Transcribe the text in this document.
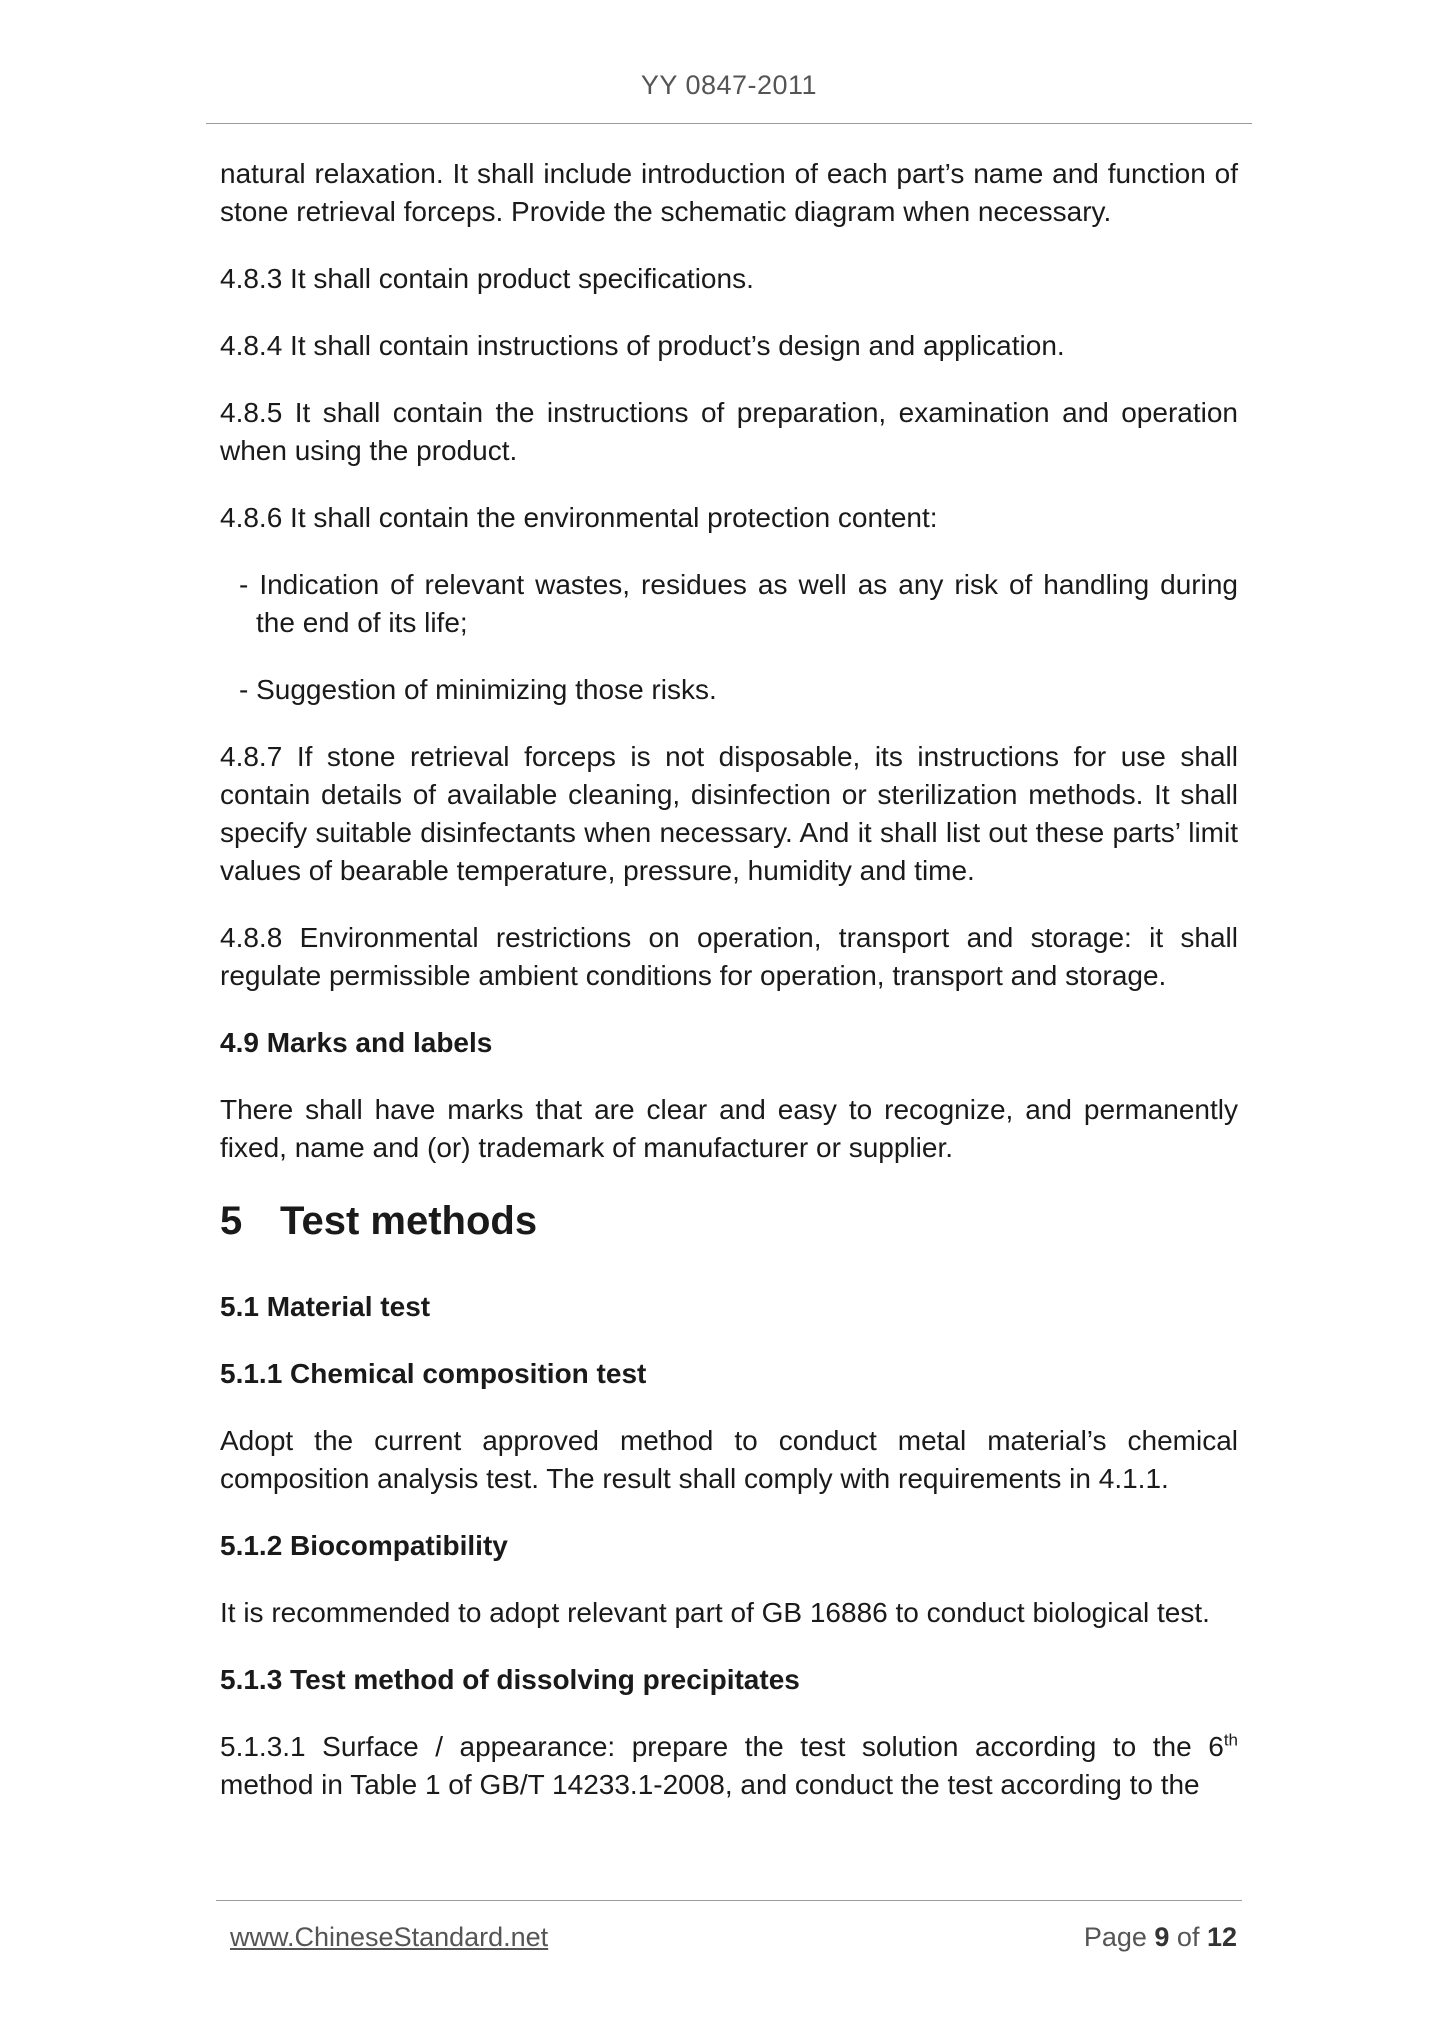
YY 0847-2011

natural relaxation. It shall include introduction of each part’s name and function of stone retrieval forceps. Provide the schematic diagram when necessary.

4.8.3 It shall contain product specifications.

4.8.4 It shall contain instructions of product’s design and application.

4.8.5 It shall contain the instructions of preparation, examination and operation when using the product.

4.8.6 It shall contain the environmental protection content:

- Indication of relevant wastes, residues as well as any risk of handling during the end of its life;

- Suggestion of minimizing those risks.

4.8.7 If stone retrieval forceps is not disposable, its instructions for use shall contain details of available cleaning, disinfection or sterilization methods. It shall specify suitable disinfectants when necessary. And it shall list out these parts’ limit values of bearable temperature, pressure, humidity and time.

4.8.8 Environmental restrictions on operation, transport and storage: it shall regulate permissible ambient conditions for operation, transport and storage.

4.9 Marks and labels

There shall have marks that are clear and easy to recognize, and permanently fixed, name and (or) trademark of manufacturer or supplier.

5 Test methods

5.1 Material test

5.1.1 Chemical composition test

Adopt the current approved method to conduct metal material’s chemical composition analysis test. The result shall comply with requirements in 4.1.1.

5.1.2 Biocompatibility

It is recommended to adopt relevant part of GB 16886 to conduct biological test.

5.1.3 Test method of dissolving precipitates

5.1.3.1 Surface / appearance: prepare the test solution according to the 6th method in Table 1 of GB/T 14233.1-2008, and conduct the test according to the

www.ChineseStandard.net	Page 9 of 12
